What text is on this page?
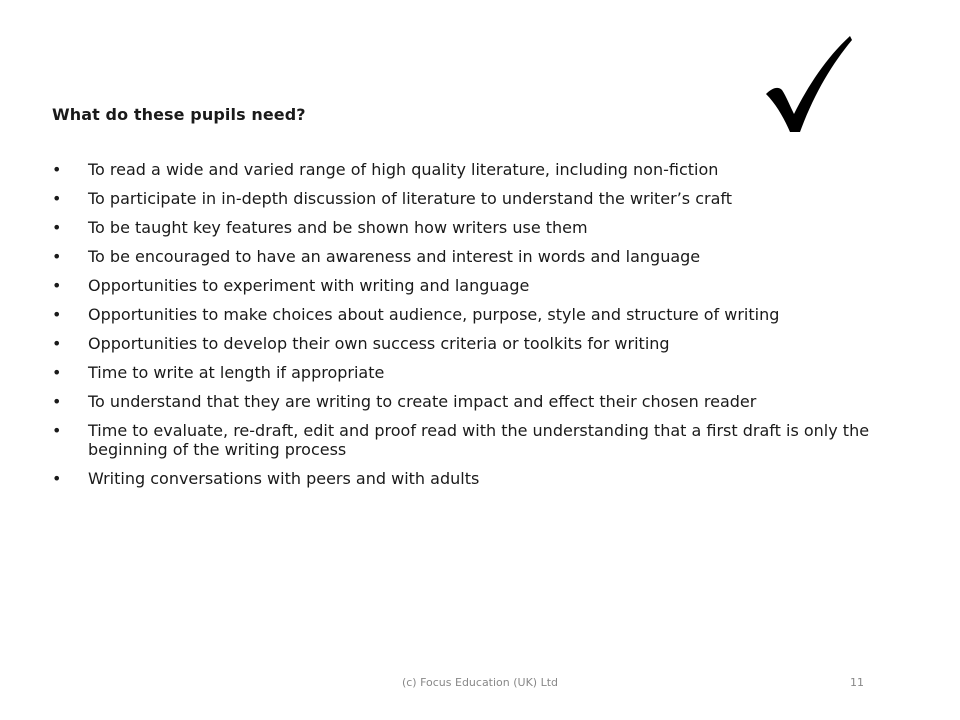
What do these pupils need?
•	To read a wide and varied range of high quality literature, including non-fiction
•	To participate in in-depth discussion of literature to understand the writer’s craft
•	To be taught key features and be shown how writers use them
•	To be encouraged to have an awareness and interest in words and language
•	Opportunities to experiment with writing and language
•	Opportunities to make choices about audience, purpose, style and structure of writing
•	Opportunities to develop their own success criteria or toolkits for writing
•	Time to write at length if appropriate
•	To understand that they are writing to create impact and effect their chosen reader
•	Time to evaluate, re-draft, edit and proof read with the understanding that a first draft is only the beginning of the writing process
•	Writing conversations with peers and with adults
(c) Focus Education (UK) Ltd	11
